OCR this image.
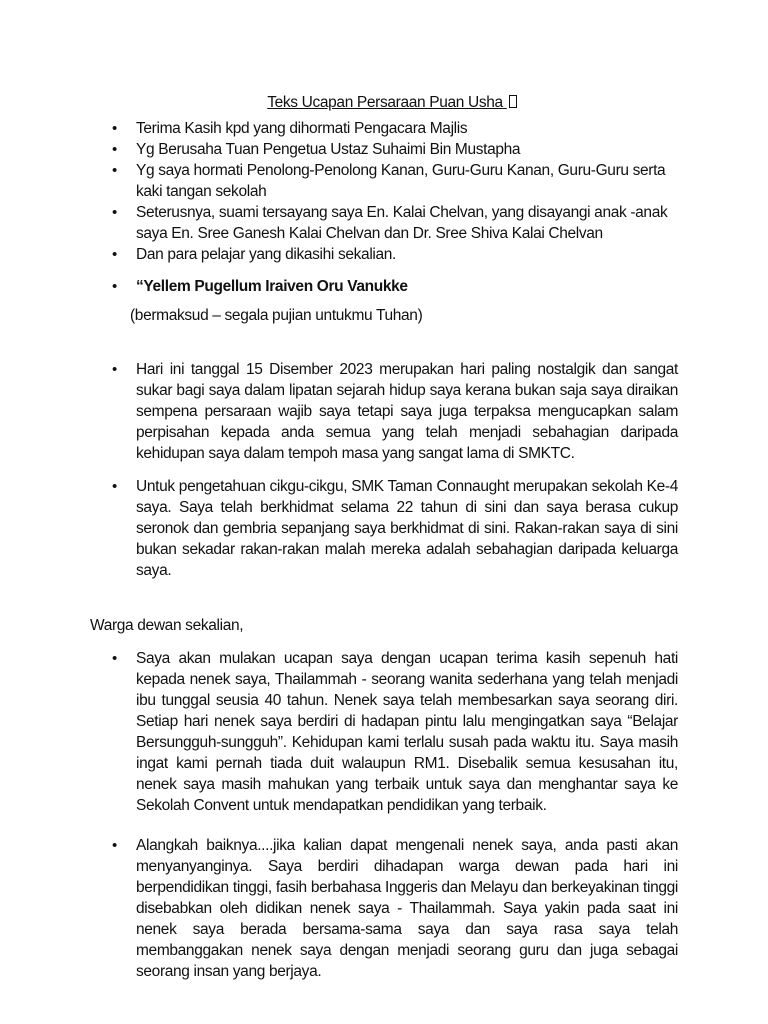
Teks Ucapan Persaraan Puan Usha
• Terima Kasih kpd yang dihormati Pengacara Majlis
• Yg Berusaha Tuan Pengetua Ustaz Suhaimi Bin Mustapha
• Yg saya hormati Penolong-Penolong Kanan, Guru-Guru Kanan, Guru-Guru serta kaki tangan sekolah
• Seterusnya, suami tersayang saya En. Kalai Chelvan, yang disayangi anak -anak saya En. Sree Ganesh Kalai Chelvan dan Dr. Sree Shiva Kalai Chelvan
• Dan para pelajar yang dikasihi sekalian.
• “Yellem Pugellum Iraiven Oru Vanukke
(bermaksud – segala pujian untukmu Tuhan)
• Hari ini tanggal 15 Disember 2023 merupakan hari paling nostalgik dan sangat sukar bagi saya dalam lipatan sejarah hidup saya kerana bukan saja saya diraikan sempena persaraan wajib saya tetapi saya juga terpaksa mengucapkan salam perpisahan kepada anda semua yang telah menjadi sebahagian daripada kehidupan saya dalam tempoh masa yang sangat lama di SMKTC.
• Untuk pengetahuan cikgu-cikgu, SMK Taman Connaught merupakan sekolah Ke-4 saya. Saya telah berkhidmat selama 22 tahun di sini dan saya berasa cukup seronok dan gembria sepanjang saya berkhidmat di sini. Rakan-rakan saya di sini bukan sekadar rakan-rakan malah mereka adalah sebahagian daripada keluarga saya.

Warga dewan sekalian,

• Saya akan mulakan ucapan saya dengan ucapan terima kasih sepenuh hati kepada nenek saya, Thailammah - seorang wanita sederhana yang telah menjadi ibu tunggal seusia 40 tahun. Nenek saya telah membesarkan saya seorang diri. Setiap hari nenek saya berdiri di hadapan pintu lalu mengingatkan saya “Belajar Bersungguh-sungguh”. Kehidupan kami terlalu susah pada waktu itu. Saya masih ingat kami pernah tiada duit walaupun RM1. Disebalik semua kesusahan itu, nenek saya masih mahukan yang terbaik untuk saya dan menghantar saya ke Sekolah Convent untuk mendapatkan pendidikan yang terbaik.
• Alangkah baiknya....jika kalian dapat mengenali nenek saya, anda pasti akan menyanyanginya. Saya berdiri dihadapan warga dewan pada hari ini berpendidikan tinggi, fasih berbahasa Inggeris dan Melayu dan berkeyakinan tinggi disebabkan oleh didikan nenek saya - Thailammah. Saya yakin pada saat ini nenek saya berada bersama-sama saya dan saya rasa saya telah membanggakan nenek saya dengan menjadi seorang guru dan juga sebagai seorang insan yang berjaya.
